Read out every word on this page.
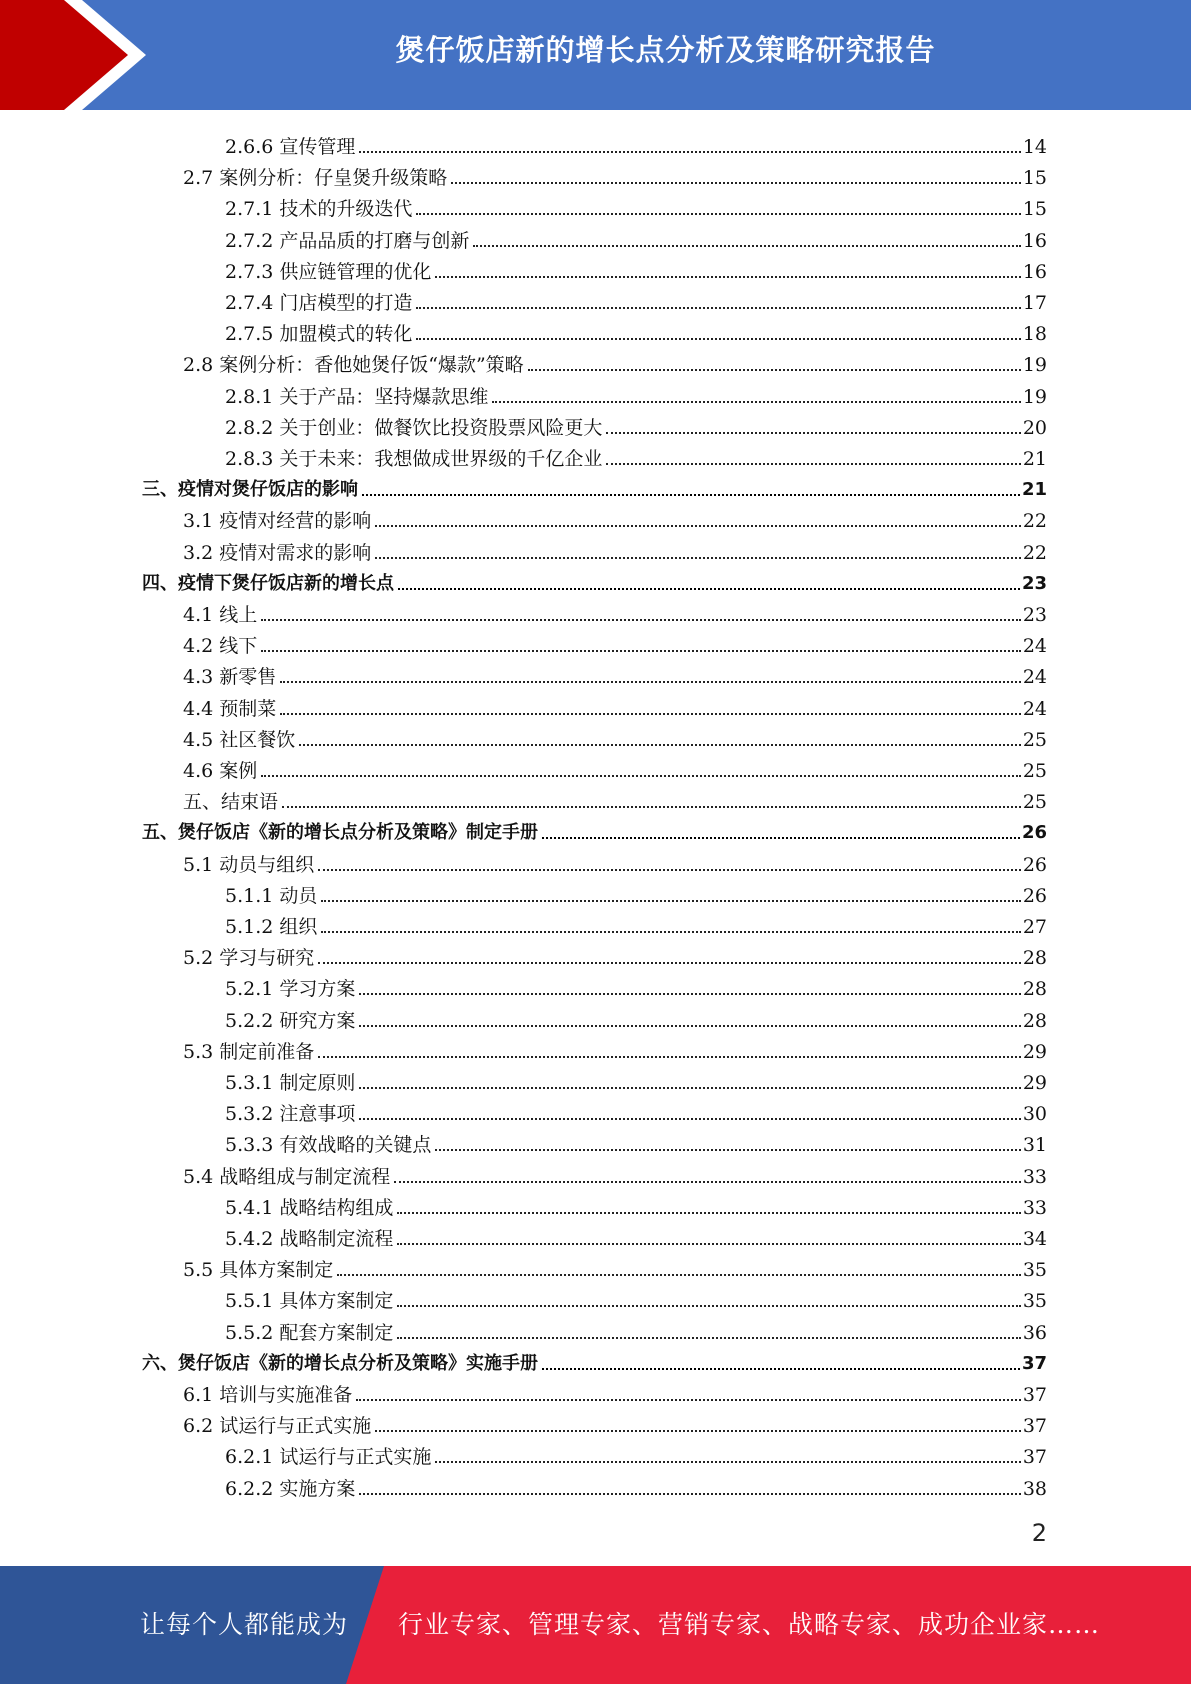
煲仔饭店新的增长点分析及策略研究报告
2.6.6 宣传管理	14
2.7 案例分析：仔皇煲升级策略	15
2.7.1 技术的升级迭代	15
2.7.2 产品品质的打磨与创新	16
2.7.3 供应链管理的优化	16
2.7.4 门店模型的打造	17
2.7.5 加盟模式的转化	18
2.8 案例分析：香他她煲仔饭“爆款”策略	19
2.8.1 关于产品：坚持爆款思维	19
2.8.2 关于创业：做餐饮比投资股票风险更大	20
2.8.3 关于未来：我想做成世界级的千亿企业	21
三、疫情对煲仔饭店的影响	21
3.1 疫情对经营的影响	22
3.2 疫情对需求的影响	22
四、疫情下煲仔饭店新的增长点	23
4.1 线上	23
4.2 线下	24
4.3 新零售	24
4.4 预制菜	24
4.5 社区餐饮	25
4.6 案例	25
五、结束语	25
五、煲仔饭店《新的增长点分析及策略》制定手册	26
5.1 动员与组织	26
5.1.1 动员	26
5.1.2 组织	27
5.2 学习与研究	28
5.2.1 学习方案	28
5.2.2 研究方案	28
5.3 制定前准备	29
5.3.1 制定原则	29
5.3.2 注意事项	30
5.3.3 有效战略的关键点	31
5.4 战略组成与制定流程	33
5.4.1 战略结构组成	33
5.4.2 战略制定流程	34
5.5 具体方案制定	35
5.5.1 具体方案制定	35
5.5.2 配套方案制定	36
六、煲仔饭店《新的增长点分析及策略》实施手册	37
6.1 培训与实施准备	37
6.2 试运行与正式实施	37
6.2.1 试运行与正式实施	37
6.2.2 实施方案	38
2
让每个人都能成为 行业专家、管理专家、营销专家、战略专家、成功企业家……
